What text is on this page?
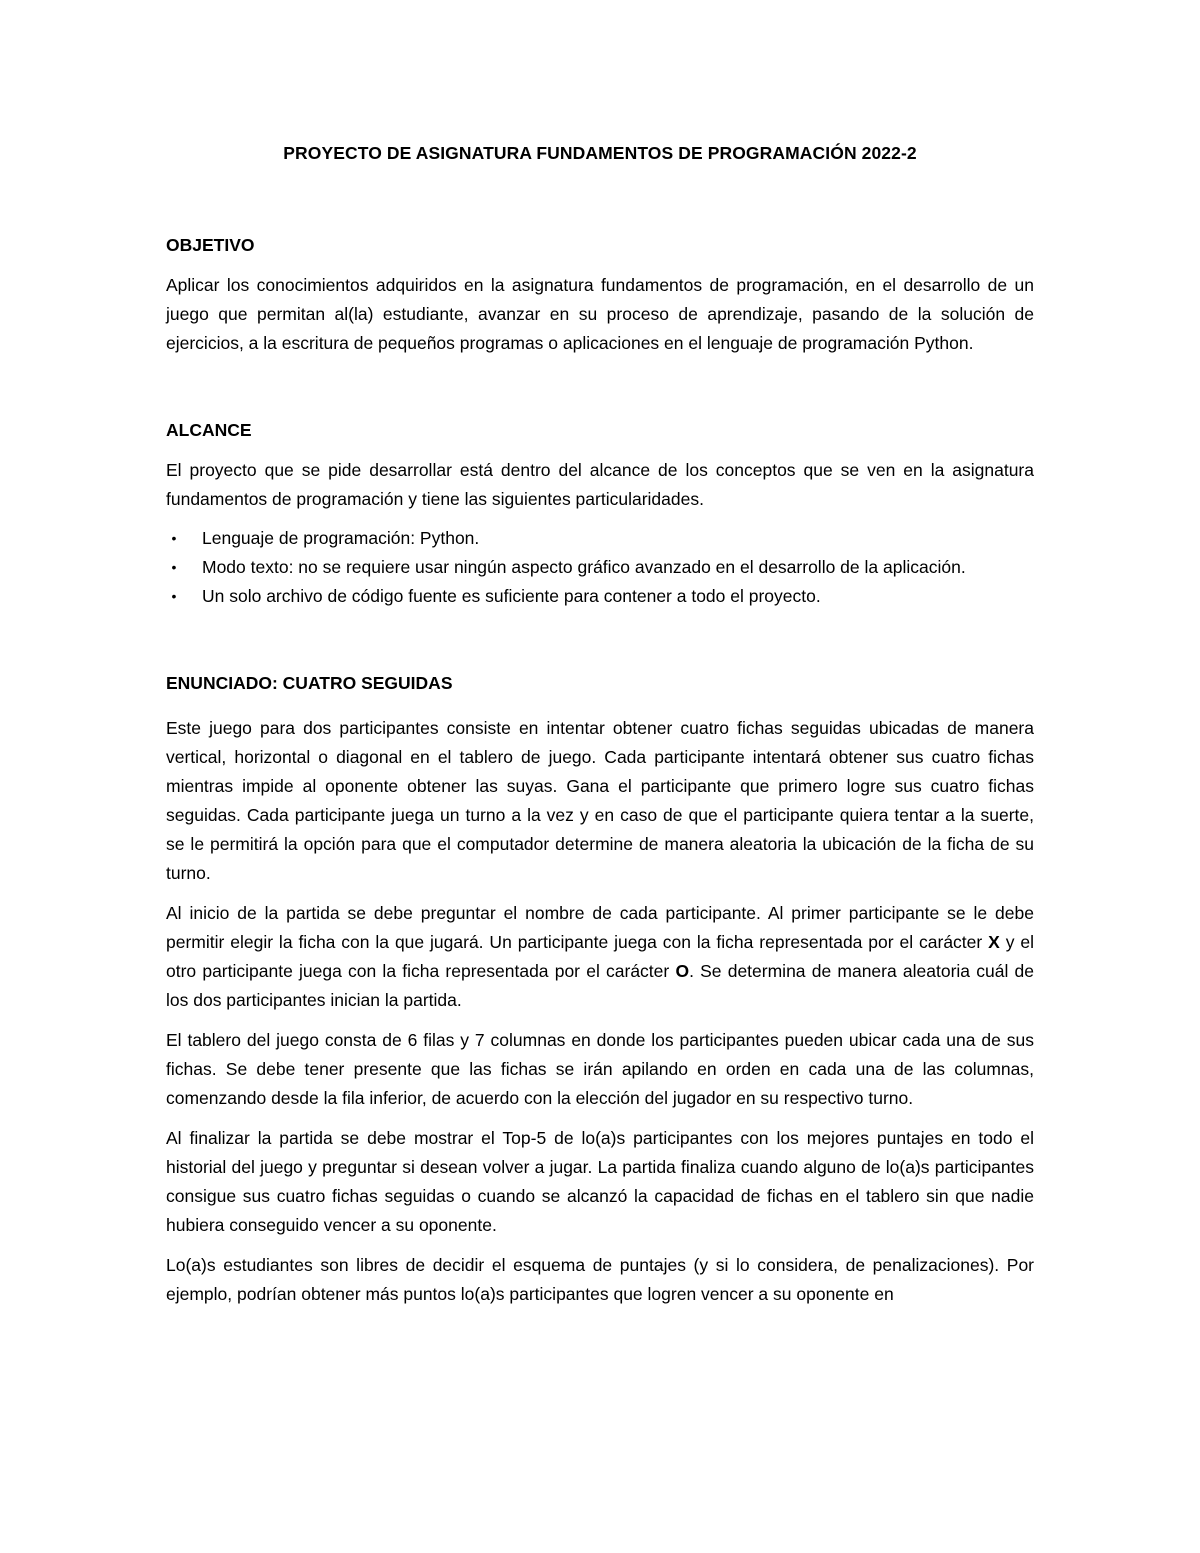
PROYECTO DE ASIGNATURA FUNDAMENTOS DE PROGRAMACIÓN 2022-2
OBJETIVO

Aplicar los conocimientos adquiridos en la asignatura fundamentos de programación, en el desarrollo de un juego que permitan al(la) estudiante, avanzar en su proceso de aprendizaje, pasando de la solución de ejercicios, a la escritura de pequeños programas o aplicaciones en el lenguaje de programación Python.

ALCANCE

El proyecto que se pide desarrollar está dentro del alcance de los conceptos que se ven en la asignatura fundamentos de programación y tiene las siguientes particularidades.

• Lenguaje de programación: Python.
• Modo texto: no se requiere usar ningún aspecto gráfico avanzado en el desarrollo de la aplicación.
• Un solo archivo de código fuente es suficiente para contener a todo el proyecto.
ENUNCIADO: CUATRO SEGUIDAS

Este juego para dos participantes consiste en intentar obtener cuatro fichas seguidas ubicadas de manera vertical, horizontal o diagonal en el tablero de juego. Cada participante intentará obtener sus cuatro fichas mientras impide al oponente obtener las suyas. Gana el participante que primero logre sus cuatro fichas seguidas. Cada participante juega un turno a la vez y en caso de que el participante quiera tentar a la suerte, se le permitirá la opción para que el computador determine de manera aleatoria la ubicación de la ficha de su turno.

Al inicio de la partida se debe preguntar el nombre de cada participante. Al primer participante se le debe permitir elegir la ficha con la que jugará. Un participante juega con la ficha representada por el carácter X y el otro participante juega con la ficha representada por el carácter O. Se determina de manera aleatoria cuál de los dos participantes inician la partida.

El tablero del juego consta de 6 filas y 7 columnas en donde los participantes pueden ubicar cada una de sus fichas. Se debe tener presente que las fichas se irán apilando en orden en cada una de las columnas, comenzando desde la fila inferior, de acuerdo con la elección del jugador en su respectivo turno.

Al finalizar la partida se debe mostrar el Top-5 de lo(a)s participantes con los mejores puntajes en todo el historial del juego y preguntar si desean volver a jugar. La partida finaliza cuando alguno de lo(a)s participantes consigue sus cuatro fichas seguidas o cuando se alcanzó la capacidad de fichas en el tablero sin que nadie hubiera conseguido vencer a su oponente.

Lo(a)s estudiantes son libres de decidir el esquema de puntajes (y si lo considera, de penalizaciones). Por ejemplo, podrían obtener más puntos lo(a)s participantes que logren vencer a su oponente en
